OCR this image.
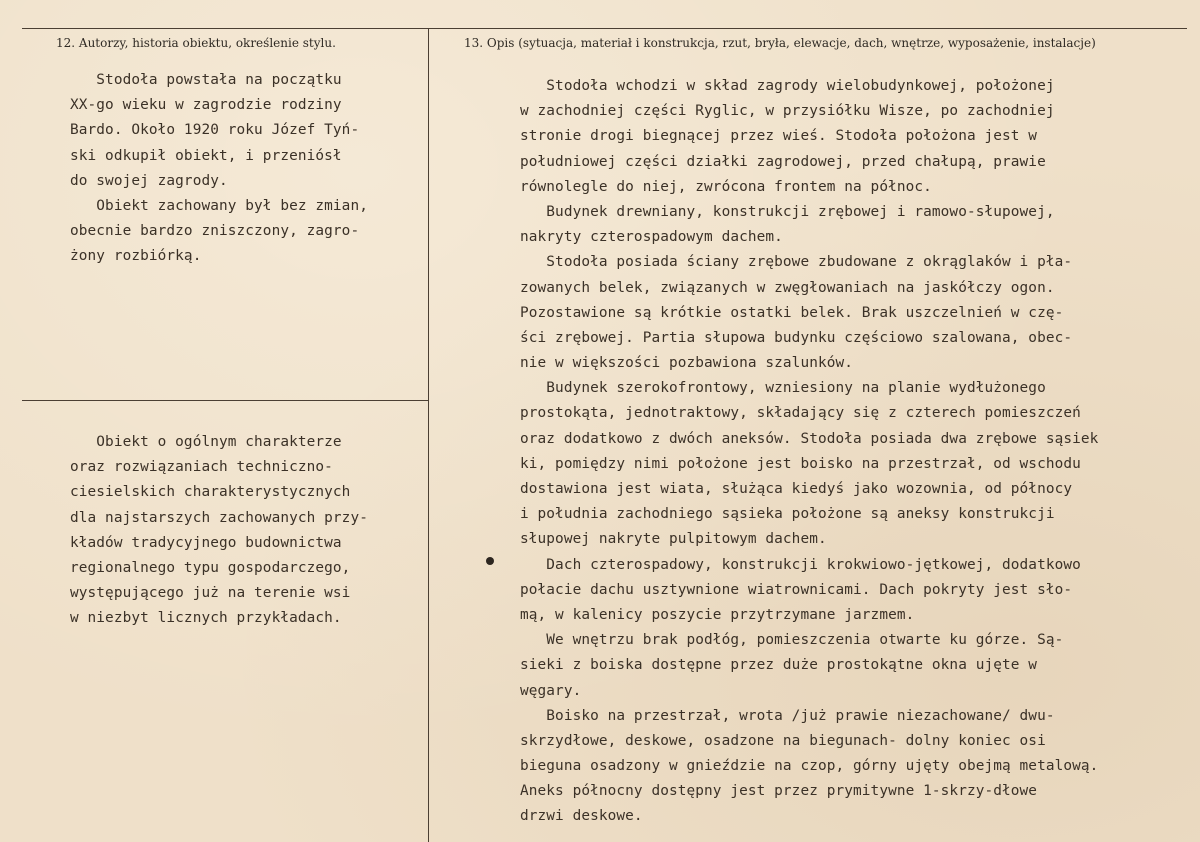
12. Autorzy, historia obiektu, określenie stylu.	13. Opis (sytuacja, materiał i konstrukcja, rzut, bryła, elewacje, dach, wnętrze, wyposażenie, instalacje)
Stodoła powstała na początku
XX-go wieku w zagrodzie rodziny
Bardo. Około 1920 roku Józef Tyń-
ski odkupił obiekt, i przeniósł
do swojej zagrody.
Obiekt zachowany był bez zmian,
obecnie bardzo zniszczony, zagro-
żony rozbiórką.
Obiekt o ogólnym charakterze
oraz rozwiązaniach techniczno-
ciesielskich charakterystycznych
dla najstarszych zachowanych przy-
kładów tradycyjnego budownictwa
regionalnego typu gospodarczego,
występującego już na terenie wsi
w niezbyt licznych przykładach.
Stodoła wchodzi w skład zagrody wielobudynkowej, położonej
w zachodniej części Ryglic, w przysiółku Wisze, po zachodniej
stronie drogi biegnącej przez wieś. Stodoła położona jest w
południowej części działki zagrodowej, przed chałupą, prawie
równolegle do niej, zwrócona frontem na północ.
Budynek drewniany, konstrukcji zrębowej i ramowo-słupowej,
nakryty czterospadowym dachem.
Stodoła posiada ściany zrębowe zbudowane z okrąglaków i pła-
zowanych belek, związanych w zwęgłowaniach na jaskółczy ogon.
Pozostawione są krótkie ostatki belek. Brak uszczelnień w czę-
ści zrębowej. Partia słupowa budynku częściowo szalowana, obec-
nie w większości pozbawiona szalunków.
Budynek szerokofrontowy, wzniesiony na planie wydłużonego
prostokąta, jednotraktowy, składający się z czterech pomieszczeń
oraz dodatkowo z dwóch aneksów. Stodoła posiada dwa zrębowe sąsiek
ki, pomiędzy nimi położone jest boisko na przestrzał, od wschodu
dostawiona jest wiata, służąca kiedyś jako wozownia, od północy
i południa zachodniego sąsieka położone są aneksy konstrukcji
słupowej nakryte pulpitowym dachem.
Dach czterospadowy, konstrukcji krokwiowo-jętkowej, dodatkowo
połacie dachu usztywnione wiatrownicami. Dach pokryty jest sło-
mą, w kalenicy poszycie przytrzymane jarzmem.
We wnętrzu brak podłóg, pomieszczenia otwarte ku górze. Są-
sieki z boiska dostępne przez duże prostokątne okna ujęte w
węgary.
Boisko na przestrzał, wrota /już prawie niezachowane/ dwu-
skrzydłowe, deskowe, osadzone na biegunach- dolny koniec osi
bieguna osadzony w gnieździe na czop, górny ujęty obejmą metalową.
Aneks północny dostępny jest przez prymitywne 1-skrzy-dłowe
drzwi deskowe.
